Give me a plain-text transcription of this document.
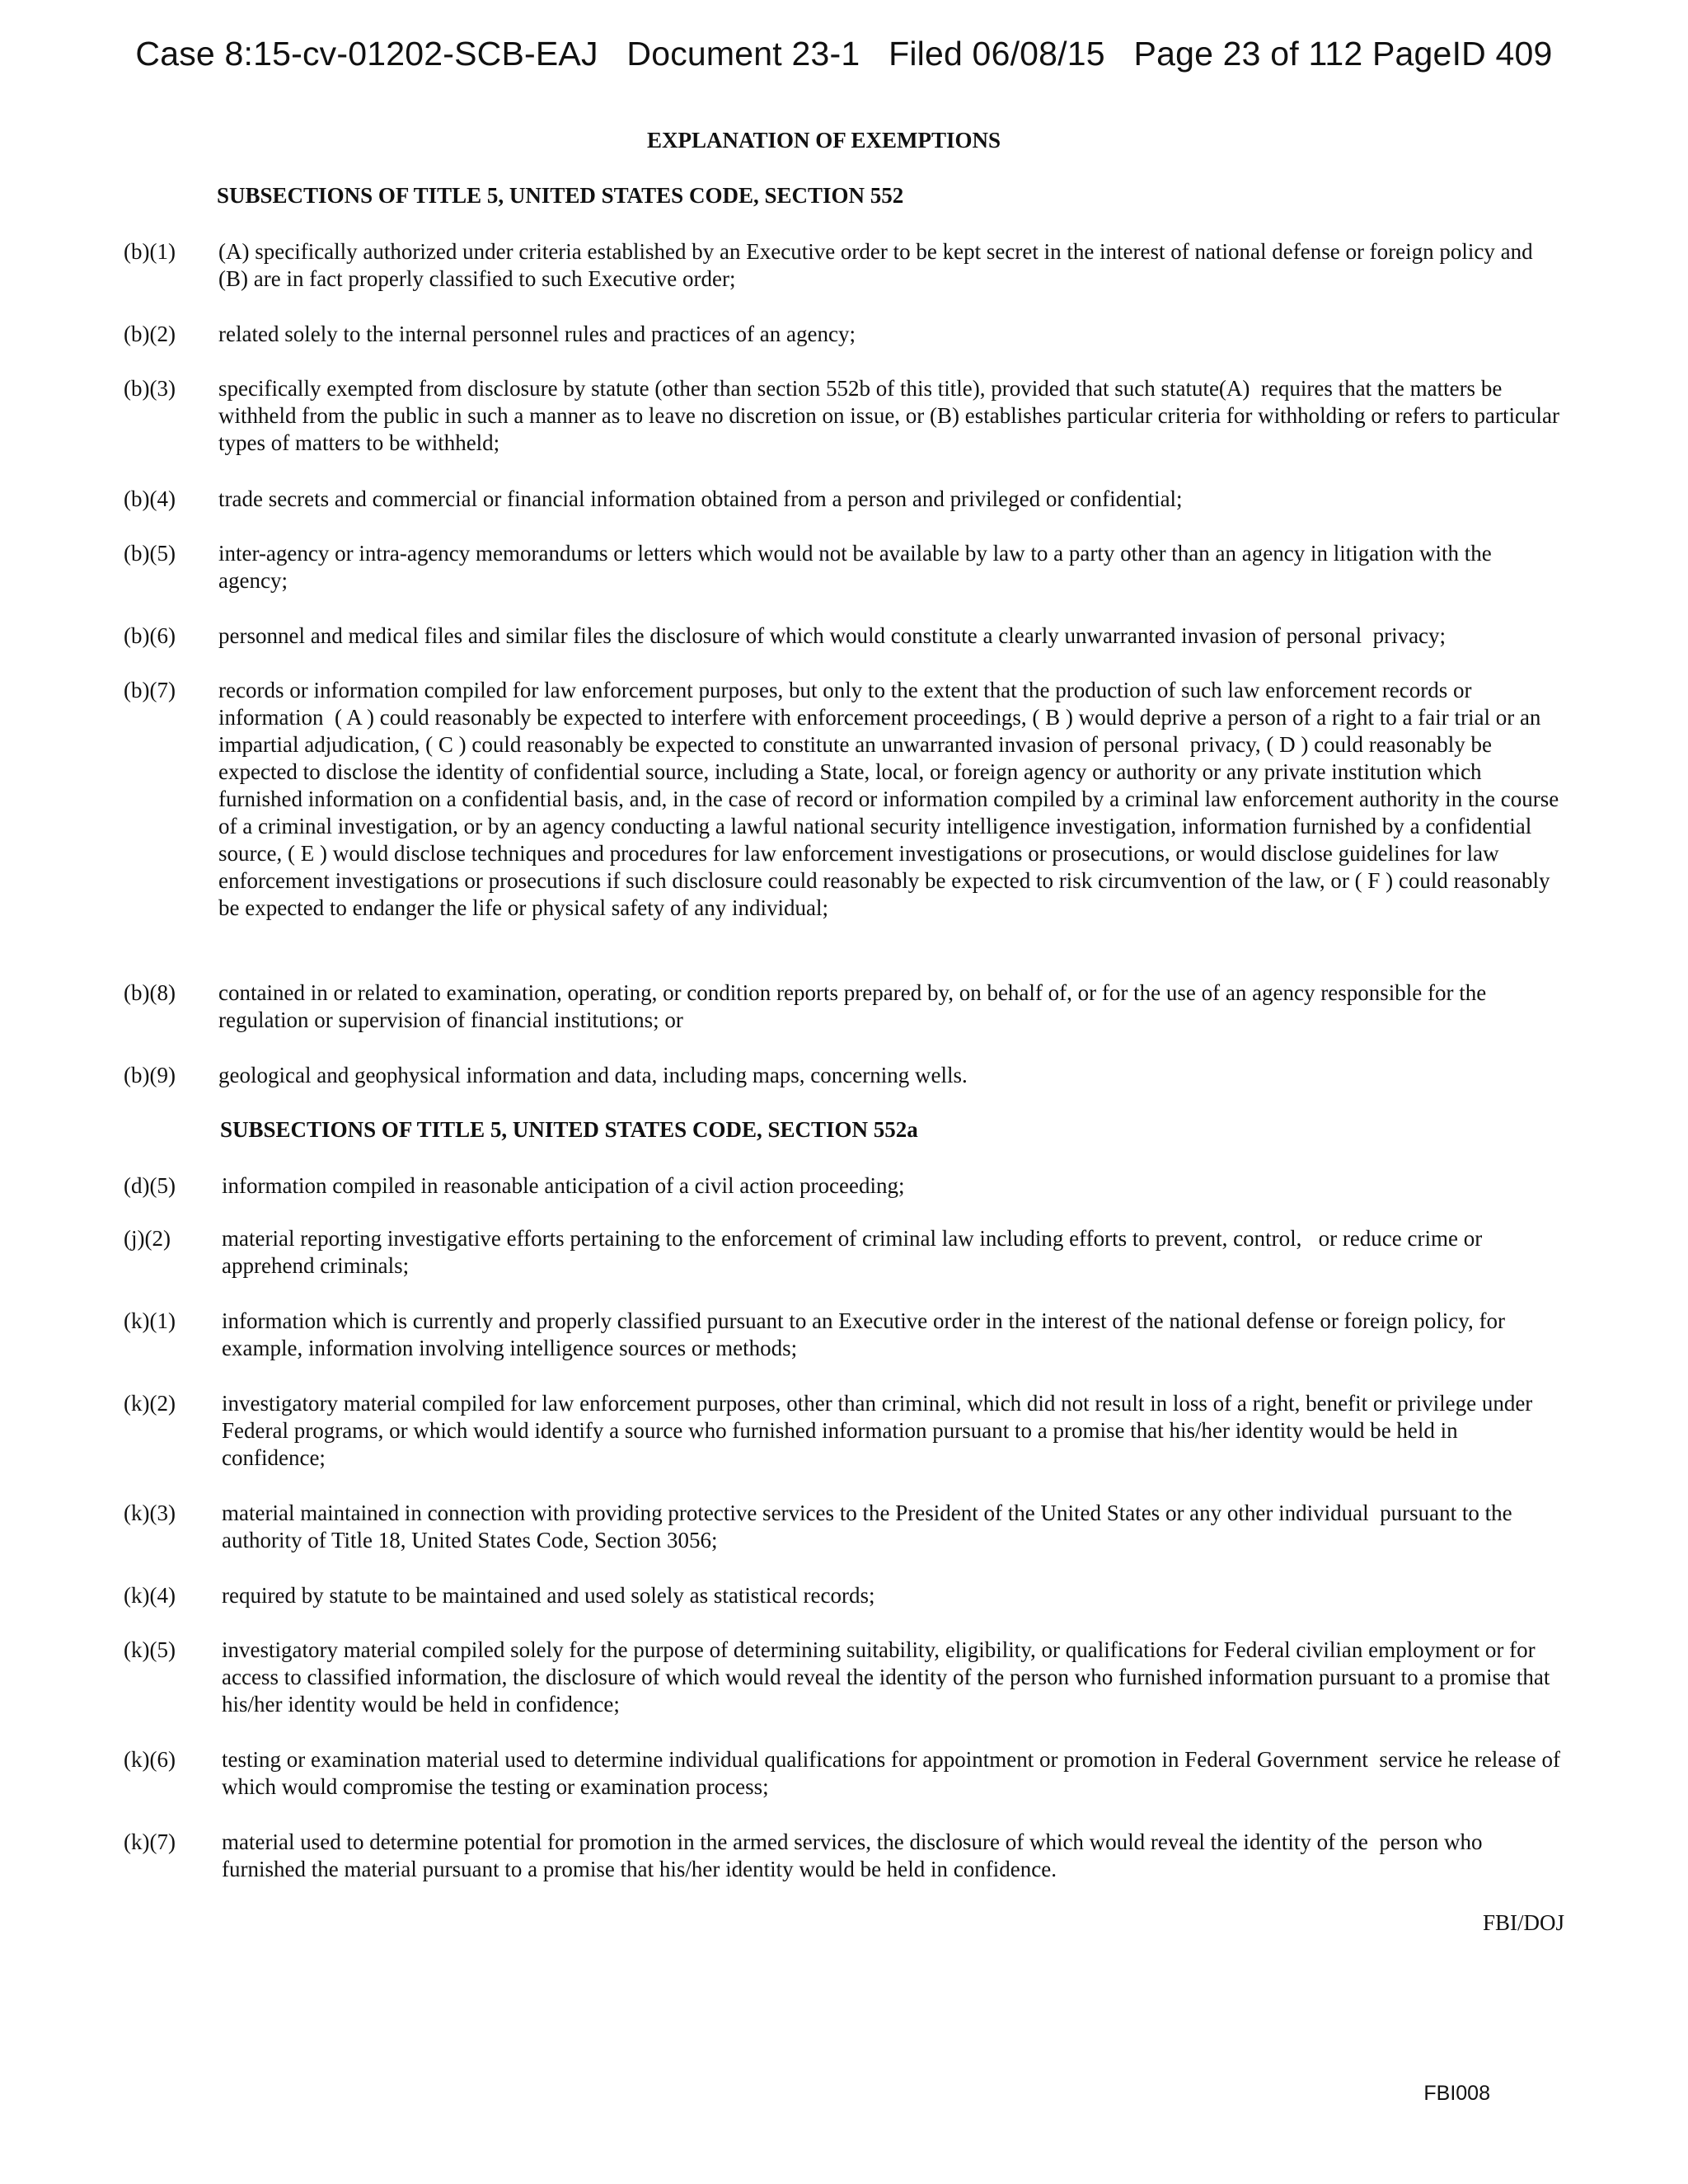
Case 8:15-cv-01202-SCB-EAJ   Document 23-1   Filed 06/08/15   Page 23 of 112 PageID 409
EXPLANATION OF EXEMPTIONS
SUBSECTIONS OF TITLE 5, UNITED STATES CODE, SECTION 552
(b)(1) (A) specifically authorized under criteria established by an Executive order to be kept secret in the interest of national defense or foreign policy and (B) are in fact properly classified to such Executive order;
(b)(2) related solely to the internal personnel rules and practices of an agency;
(b)(3) specifically exempted from disclosure by statute (other than section 552b of this title), provided that such statute(A)  requires that the matters be withheld from the public in such a manner as to leave no discretion on issue, or (B) establishes particular criteria for withholding or refers to particular types of matters to be withheld;
(b)(4) trade secrets and commercial or financial information obtained from a person and privileged or confidential;
(b)(5) inter-agency or intra-agency memorandums or letters which would not be available by law to a party other than an agency in litigation with the agency;
(b)(6) personnel and medical files and similar files the disclosure of which would constitute a clearly unwarranted invasion of personal  privacy;
(b)(7) records or information compiled for law enforcement purposes, but only to the extent that the production of such law enforcement records or information  ( A ) could reasonably be expected to interfere with enforcement proceedings, ( B ) would deprive a person of a right to a fair trial or an impartial adjudication, ( C ) could reasonably be expected to constitute an unwarranted invasion of personal  privacy, ( D ) could reasonably be expected to disclose the identity of confidential source, including a State, local, or foreign agency or authority or any private institution which furnished information on a confidential basis, and, in the case of record or information compiled by a criminal law enforcement authority in the course of a criminal investigation, or by an agency conducting a lawful national security intelligence investigation, information furnished by a confidential source, ( E ) would disclose techniques and procedures for law enforcement investigations or prosecutions, or would disclose guidelines for law enforcement investigations or prosecutions if such disclosure could reasonably be expected to risk circumvention of the law, or ( F ) could reasonably be expected to endanger the life or physical safety of any individual;
(b)(8) contained in or related to examination, operating, or condition reports prepared by, on behalf of, or for the use of an agency responsible for the regulation or supervision of financial institutions; or
(b)(9) geological and geophysical information and data, including maps, concerning wells.
SUBSECTIONS OF TITLE 5, UNITED STATES CODE, SECTION 552a
(d)(5) information compiled in reasonable anticipation of a civil action proceeding;
(j)(2) material reporting investigative efforts pertaining to the enforcement of criminal law including efforts to prevent, control,   or reduce crime or apprehend criminals;
(k)(1) information which is currently and properly classified pursuant to an Executive order in the interest of the national defense or foreign policy, for example, information involving intelligence sources or methods;
(k)(2) investigatory material compiled for law enforcement purposes, other than criminal, which did not result in loss of a right, benefit or privilege under Federal programs, or which would identify a source who furnished information pursuant to a promise that his/her identity would be held in confidence;
(k)(3) material maintained in connection with providing protective services to the President of the United States or any other individual  pursuant to the authority of Title 18, United States Code, Section 3056;
(k)(4) required by statute to be maintained and used solely as statistical records;
(k)(5) investigatory material compiled solely for the purpose of determining suitability, eligibility, or qualifications for Federal civilian employment or for access to classified information, the disclosure of which would reveal the identity of the person who furnished information pursuant to a promise that his/her identity would be held in confidence;
(k)(6) testing or examination material used to determine individual qualifications for appointment or promotion in Federal Government  service he release of which would compromise the testing or examination process;
(k)(7) material used to determine potential for promotion in the armed services, the disclosure of which would reveal the identity of the  person who furnished the material pursuant to a promise that his/her identity would be held in confidence.
FBI/DOJ
FBI008
